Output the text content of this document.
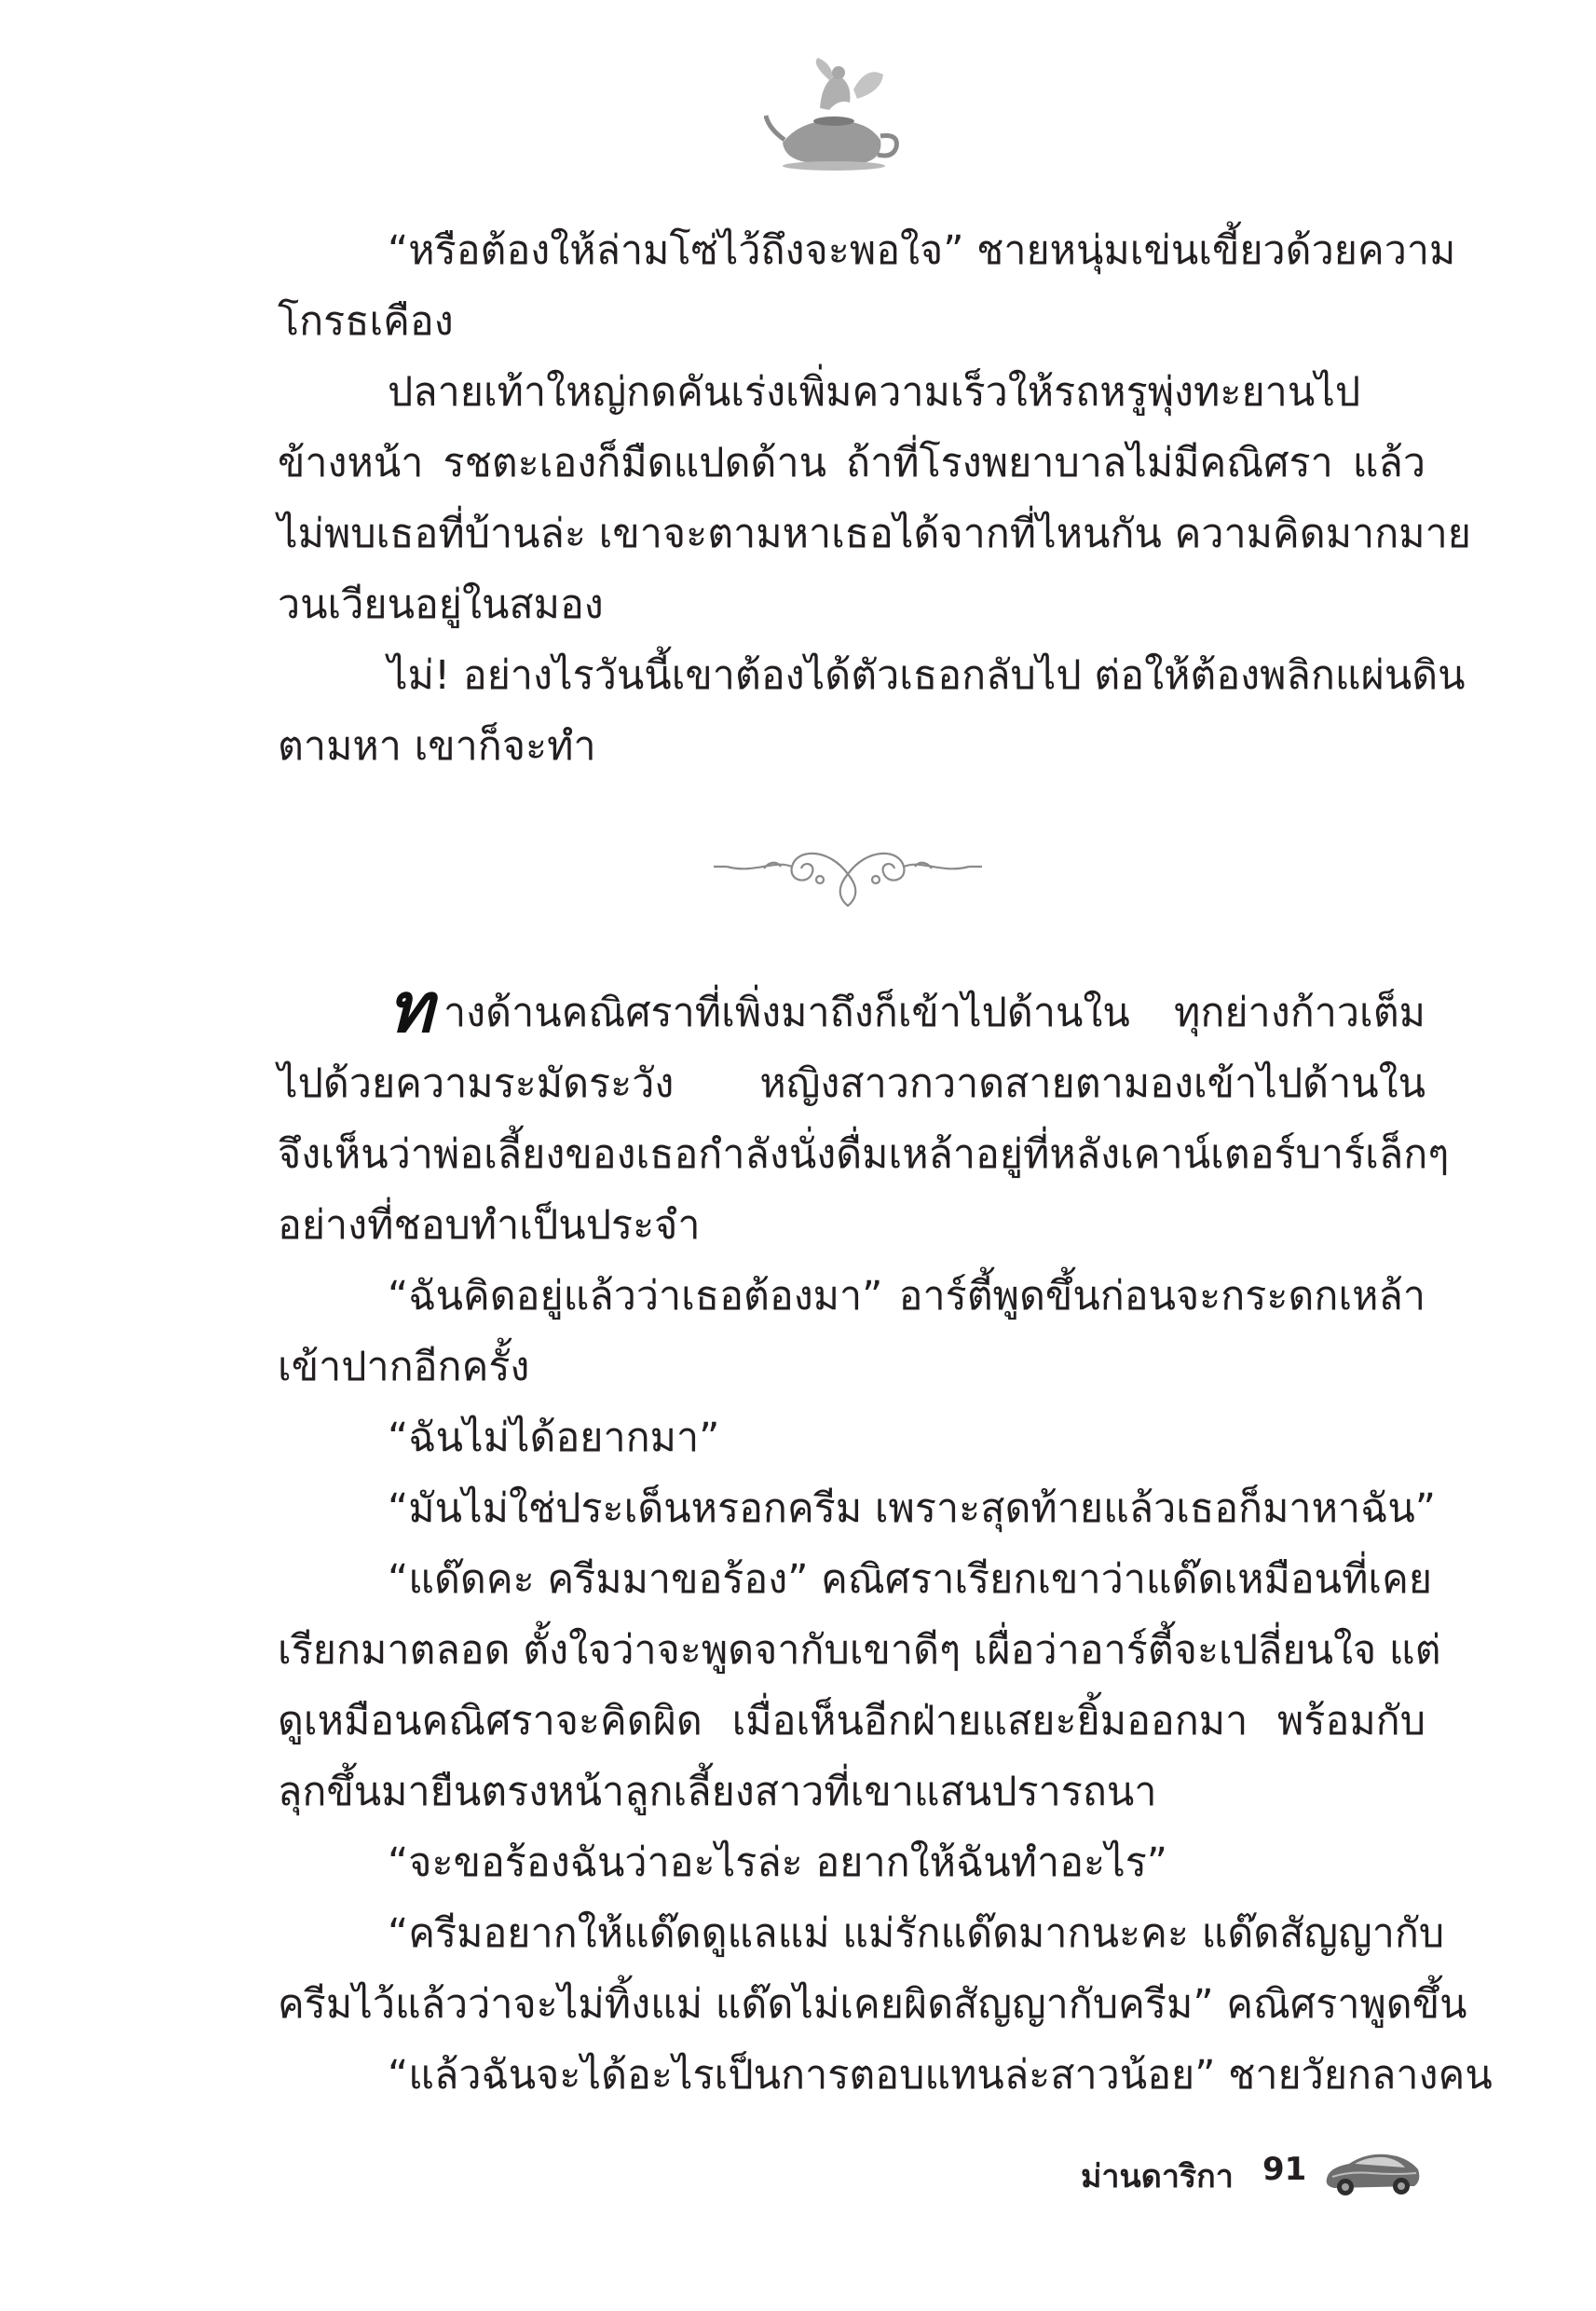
“หรือต้องให้ล่ามโซ่ไว้ถึงจะพอใจ” ชายหนุ่มเข่นเขี้ยวด้วยความ
โกรธเคือง
ปลายเท้าใหญ่กดคันเร่งเพิ่มความเร็วให้รถหรูพุ่งทะยานไป
ข้างหน้า รชตะเองก็มืดแปดด้าน ถ้าที่โรงพยาบาลไม่มีคณิศรา แล้ว
ไม่พบเธอที่บ้านล่ะ เขาจะตามหาเธอได้จากที่ไหนกัน ความคิดมากมาย
วนเวียนอยู่ในสมอง
ไม่! อย่างไรวันนี้เขาต้องได้ตัวเธอกลับไป ต่อให้ต้องพลิกแผ่นดิน
ตามหา เขาก็จะทำ
ท างด้านคณิศราที่เพิ่งมาถึงก็เข้าไปด้านใน ทุกย่างก้าวเต็ม
ไปด้วยความระมัดระวัง หญิงสาวกวาดสายตามองเข้าไปด้านใน
จึงเห็นว่าพ่อเลี้ยงของเธอกำลังนั่งดื่มเหล้าอยู่ที่หลังเคาน์เตอร์บาร์เล็กๆ
อย่างที่ชอบทำเป็นประจำ
“ฉันคิดอยู่แล้วว่าเธอต้องมา” อาร์ตี้พูดขึ้นก่อนจะกระดกเหล้า
เข้าปากอีกครั้ง
“ฉันไม่ได้อยากมา”
“มันไม่ใช่ประเด็นหรอกครีม เพราะสุดท้ายแล้วเธอก็มาหาฉัน”
“แด๊ดคะ ครีมมาขอร้อง” คณิศราเรียกเขาว่าแด๊ดเหมือนที่เคย
เรียกมาตลอด ตั้งใจว่าจะพูดจากับเขาดีๆ เผื่อว่าอาร์ตี้จะเปลี่ยนใจ แต่
ดูเหมือนคณิศราจะคิดผิด เมื่อเห็นอีกฝ่ายแสยะยิ้มออกมา พร้อมกับ
ลุกขึ้นมายืนตรงหน้าลูกเลี้ยงสาวที่เขาแสนปรารถนา
“จะขอร้องฉันว่าอะไรล่ะ อยากให้ฉันทำอะไร”
“ครีมอยากให้แด๊ดดูแลแม่ แม่รักแด๊ดมากนะคะ แด๊ดสัญญากับ
ครีมไว้แล้วว่าจะไม่ทิ้งแม่ แด๊ดไม่เคยผิดสัญญากับครีม” คณิศราพูดขึ้น
“แล้วฉันจะได้อะไรเป็นการตอบแทนล่ะสาวน้อย” ชายวัยกลางคน
ม่านดาริกา 91
